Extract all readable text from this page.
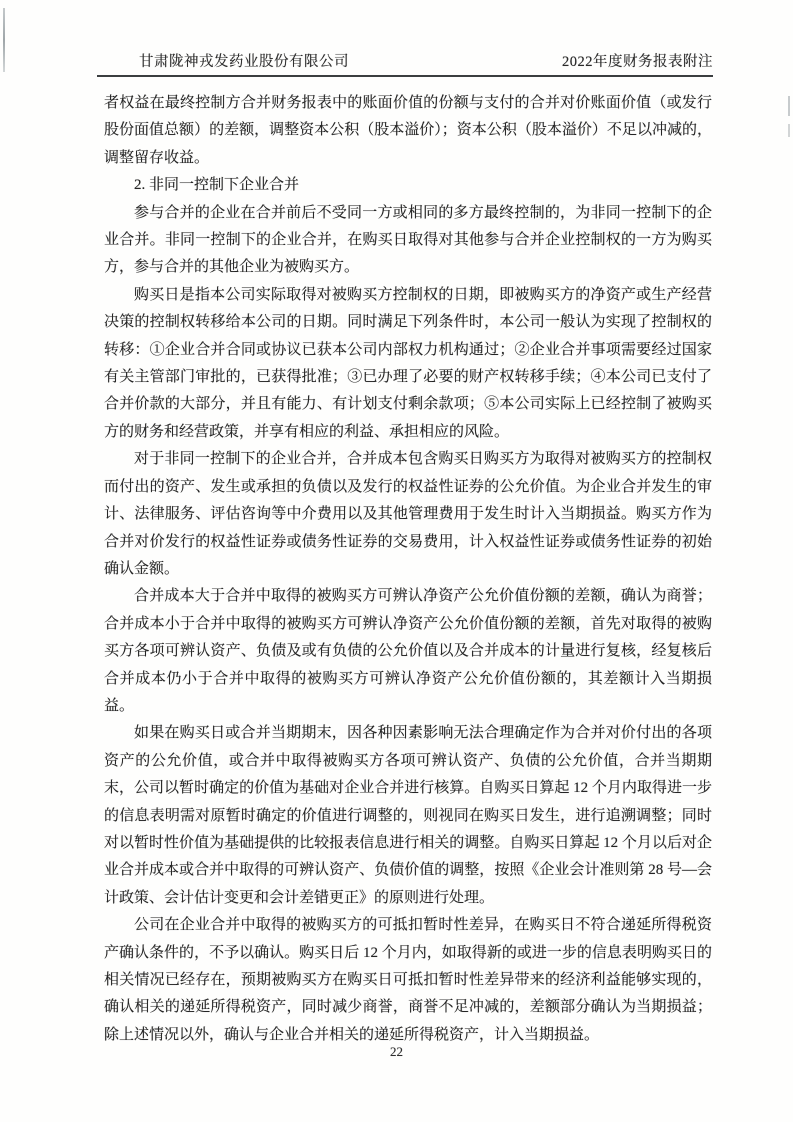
甘肃陇神戎发药业股份有限公司	2022年度财务报表附注

者权益在最终控制方合并财务报表中的账面价值的份额与支付的合并对价账面价值（或发行股份面值总额）的差额，调整资本公积（股本溢价）；资本公积（股本溢价）不足以冲减的，调整留存收益。

2. 非同一控制下企业合并

参与合并的企业在合并前后不受同一方或相同的多方最终控制的，为非同一控制下的企业合并。非同一控制下的企业合并，在购买日取得对其他参与合并企业控制权的一方为购买方，参与合并的其他企业为被购买方。

购买日是指本公司实际取得对被购买方控制权的日期，即被购买方的净资产或生产经营决策的控制权转移给本公司的日期。同时满足下列条件时，本公司一般认为实现了控制权的转移：①企业合并合同或协议已获本公司内部权力机构通过；②企业合并事项需要经过国家有关主管部门审批的，已获得批准；③已办理了必要的财产权转移手续；④本公司已支付了合并价款的大部分，并且有能力、有计划支付剩余款项；⑤本公司实际上已经控制了被购买方的财务和经营政策，并享有相应的利益、承担相应的风险。

对于非同一控制下的企业合并，合并成本包含购买日购买方为取得对被购买方的控制权而付出的资产、发生或承担的负债以及发行的权益性证券的公允价值。为企业合并发生的审计、法律服务、评估咨询等中介费用以及其他管理费用于发生时计入当期损益。购买方作为合并对价发行的权益性证券或债务性证券的交易费用，计入权益性证券或债务性证券的初始确认金额。

合并成本大于合并中取得的被购买方可辨认净资产公允价值份额的差额，确认为商誉；合并成本小于合并中取得的被购买方可辨认净资产公允价值份额的差额，首先对取得的被购买方各项可辨认资产、负债及或有负债的公允价值以及合并成本的计量进行复核，经复核后合并成本仍小于合并中取得的被购买方可辨认净资产公允价值份额的，其差额计入当期损益。

如果在购买日或合并当期期末，因各种因素影响无法合理确定作为合并对价付出的各项资产的公允价值，或合并中取得被购买方各项可辨认资产、负债的公允价值，合并当期期末，公司以暂时确定的价值为基础对企业合并进行核算。自购买日算起 12 个月内取得进一步的信息表明需对原暂时确定的价值进行调整的，则视同在购买日发生，进行追溯调整；同时对以暂时性价值为基础提供的比较报表信息进行相关的调整。自购买日算起 12 个月以后对企业合并成本或合并中取得的可辨认资产、负债价值的调整，按照《企业会计准则第 28 号—会计政策、会计估计变更和会计差错更正》的原则进行处理。

公司在企业合并中取得的被购买方的可抵扣暂时性差异，在购买日不符合递延所得税资产确认条件的，不予以确认。购买日后 12 个月内，如取得新的或进一步的信息表明购买日的相关情况已经存在，预期被购买方在购买日可抵扣暂时性差异带来的经济利益能够实现的，确认相关的递延所得税资产，同时减少商誉，商誉不足冲减的，差额部分确认为当期损益；除上述情况以外，确认与企业合并相关的递延所得税资产，计入当期损益。

22
